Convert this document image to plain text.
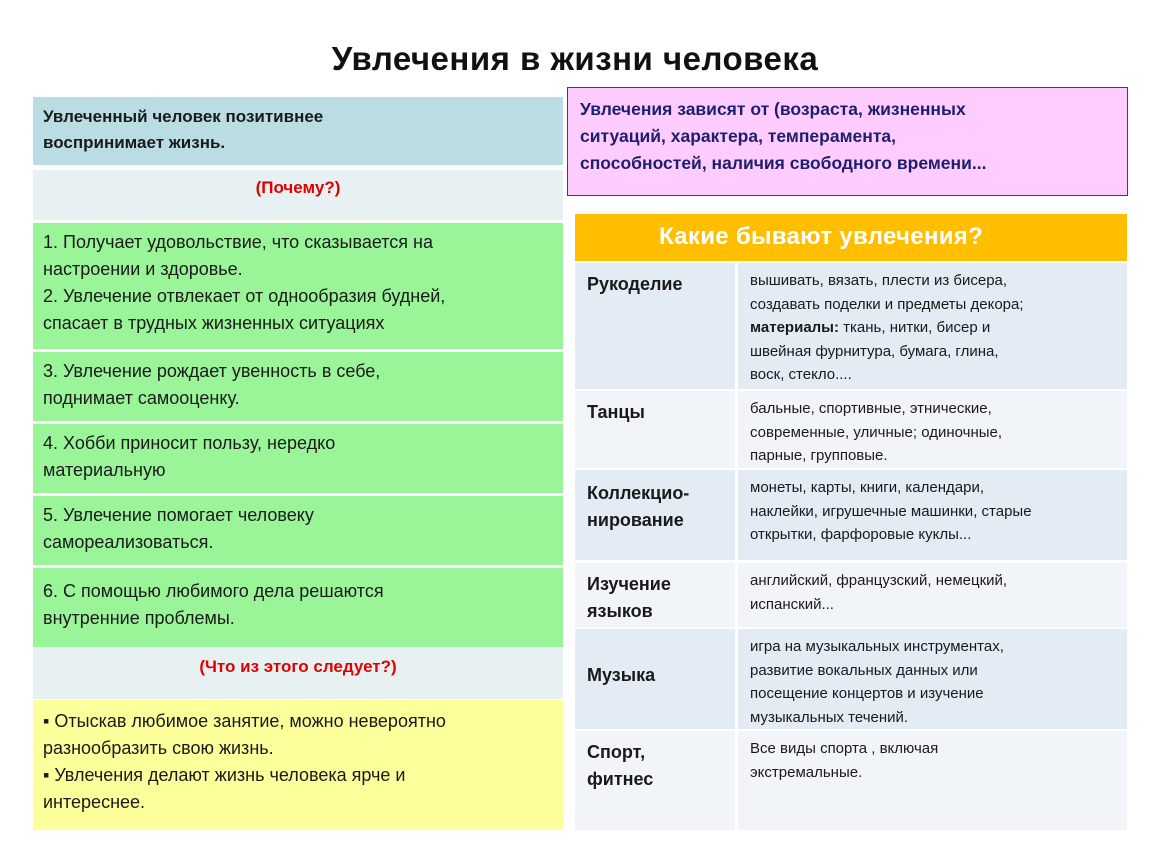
Увлечения в жизни человека
Увлеченный человек позитивнее
воспринимает жизнь.
(Почему?)
1. Получает удовольствие, что сказывается на
настроении и здоровье.
2. Увлечение отвлекает от однообразия будней,
спасает в трудных жизненных ситуациях
3. Увлечение рождает увенность в себе,
поднимает самооценку.
4. Хобби приносит пользу, нередко
материальную
5. Увлечение помогает человеку
самореализоваться.
6. С помощью любимого дела решаются
внутренние проблемы.
(Что из этого следует?)
▪ Отыскав любимое занятие, можно невероятно
разнообразить свою жизнь.
▪ Увлечения делают жизнь человека ярче и
интереснее.
Увлечения зависят от (возраста, жизненных
ситуаций, характера, темперамента,
способностей, наличия свободного времени...
Какие бывают увлечения?
Рукоделие	вышивать, вязать, плести из бисера,
создавать поделки и предметы декора;
материалы: ткань, нитки, бисер и
швейная фурнитура, бумага, глина,
воск, стекло....
Танцы	бальные, спортивные, этнические,
современные, уличные; одиночные,
парные, групповые.
Коллекцио-
нирование
монеты, карты, книги, календари,
наклейки, игрушечные машинки, старые
открытки, фарфоровые куклы...
Изучение
языков
английский, французский, немецкий,
испанский...
Музыка
игра на музыкальных инструментах,
развитие вокальных данных или
посещение концертов и изучение
музыкальных течений.
Спорт,
фитнес
Все виды спорта , включая
экстремальные.
